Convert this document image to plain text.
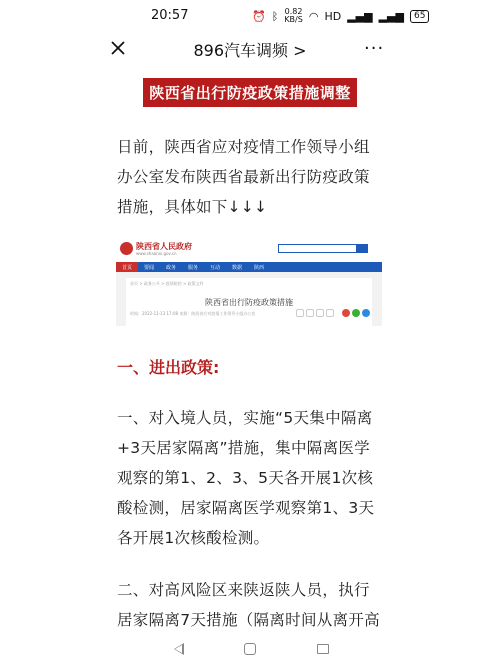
20:57	⏰ ᛒ 0.82
KB/S ◠ HD ▂▄▆ ▂▄▆	65
896汽车调频 >	···
陕西省出行防疫政策措施调整
日前，陕西省应对疫情工作领导小组办公室发布陕西省最新出行防疫政策措施，具体如下↓↓↓
陕西省人民政府
www.shaanxi.gov.cn
首页	要闻	政务	服务	互动	数据	陕西
首页 > 政务公开 > 疫情防控 > 政策文件
陕西省出行防疫政策措施
时间：2022-11-13 17:08 来源：陕西省应对疫情工作领导小组办公室
一、进出政策:
一、对入境人员，实施“5天集中隔离+3天居家隔离”措施，集中隔离医学观察的第1、2、3、5天各开展1次核酸检测，居家隔离医学观察第1、3天各开展1次核酸检测。
二、对高风险区来陕返陕人员，执行居家隔离7天措施（隔离时间从离开高
